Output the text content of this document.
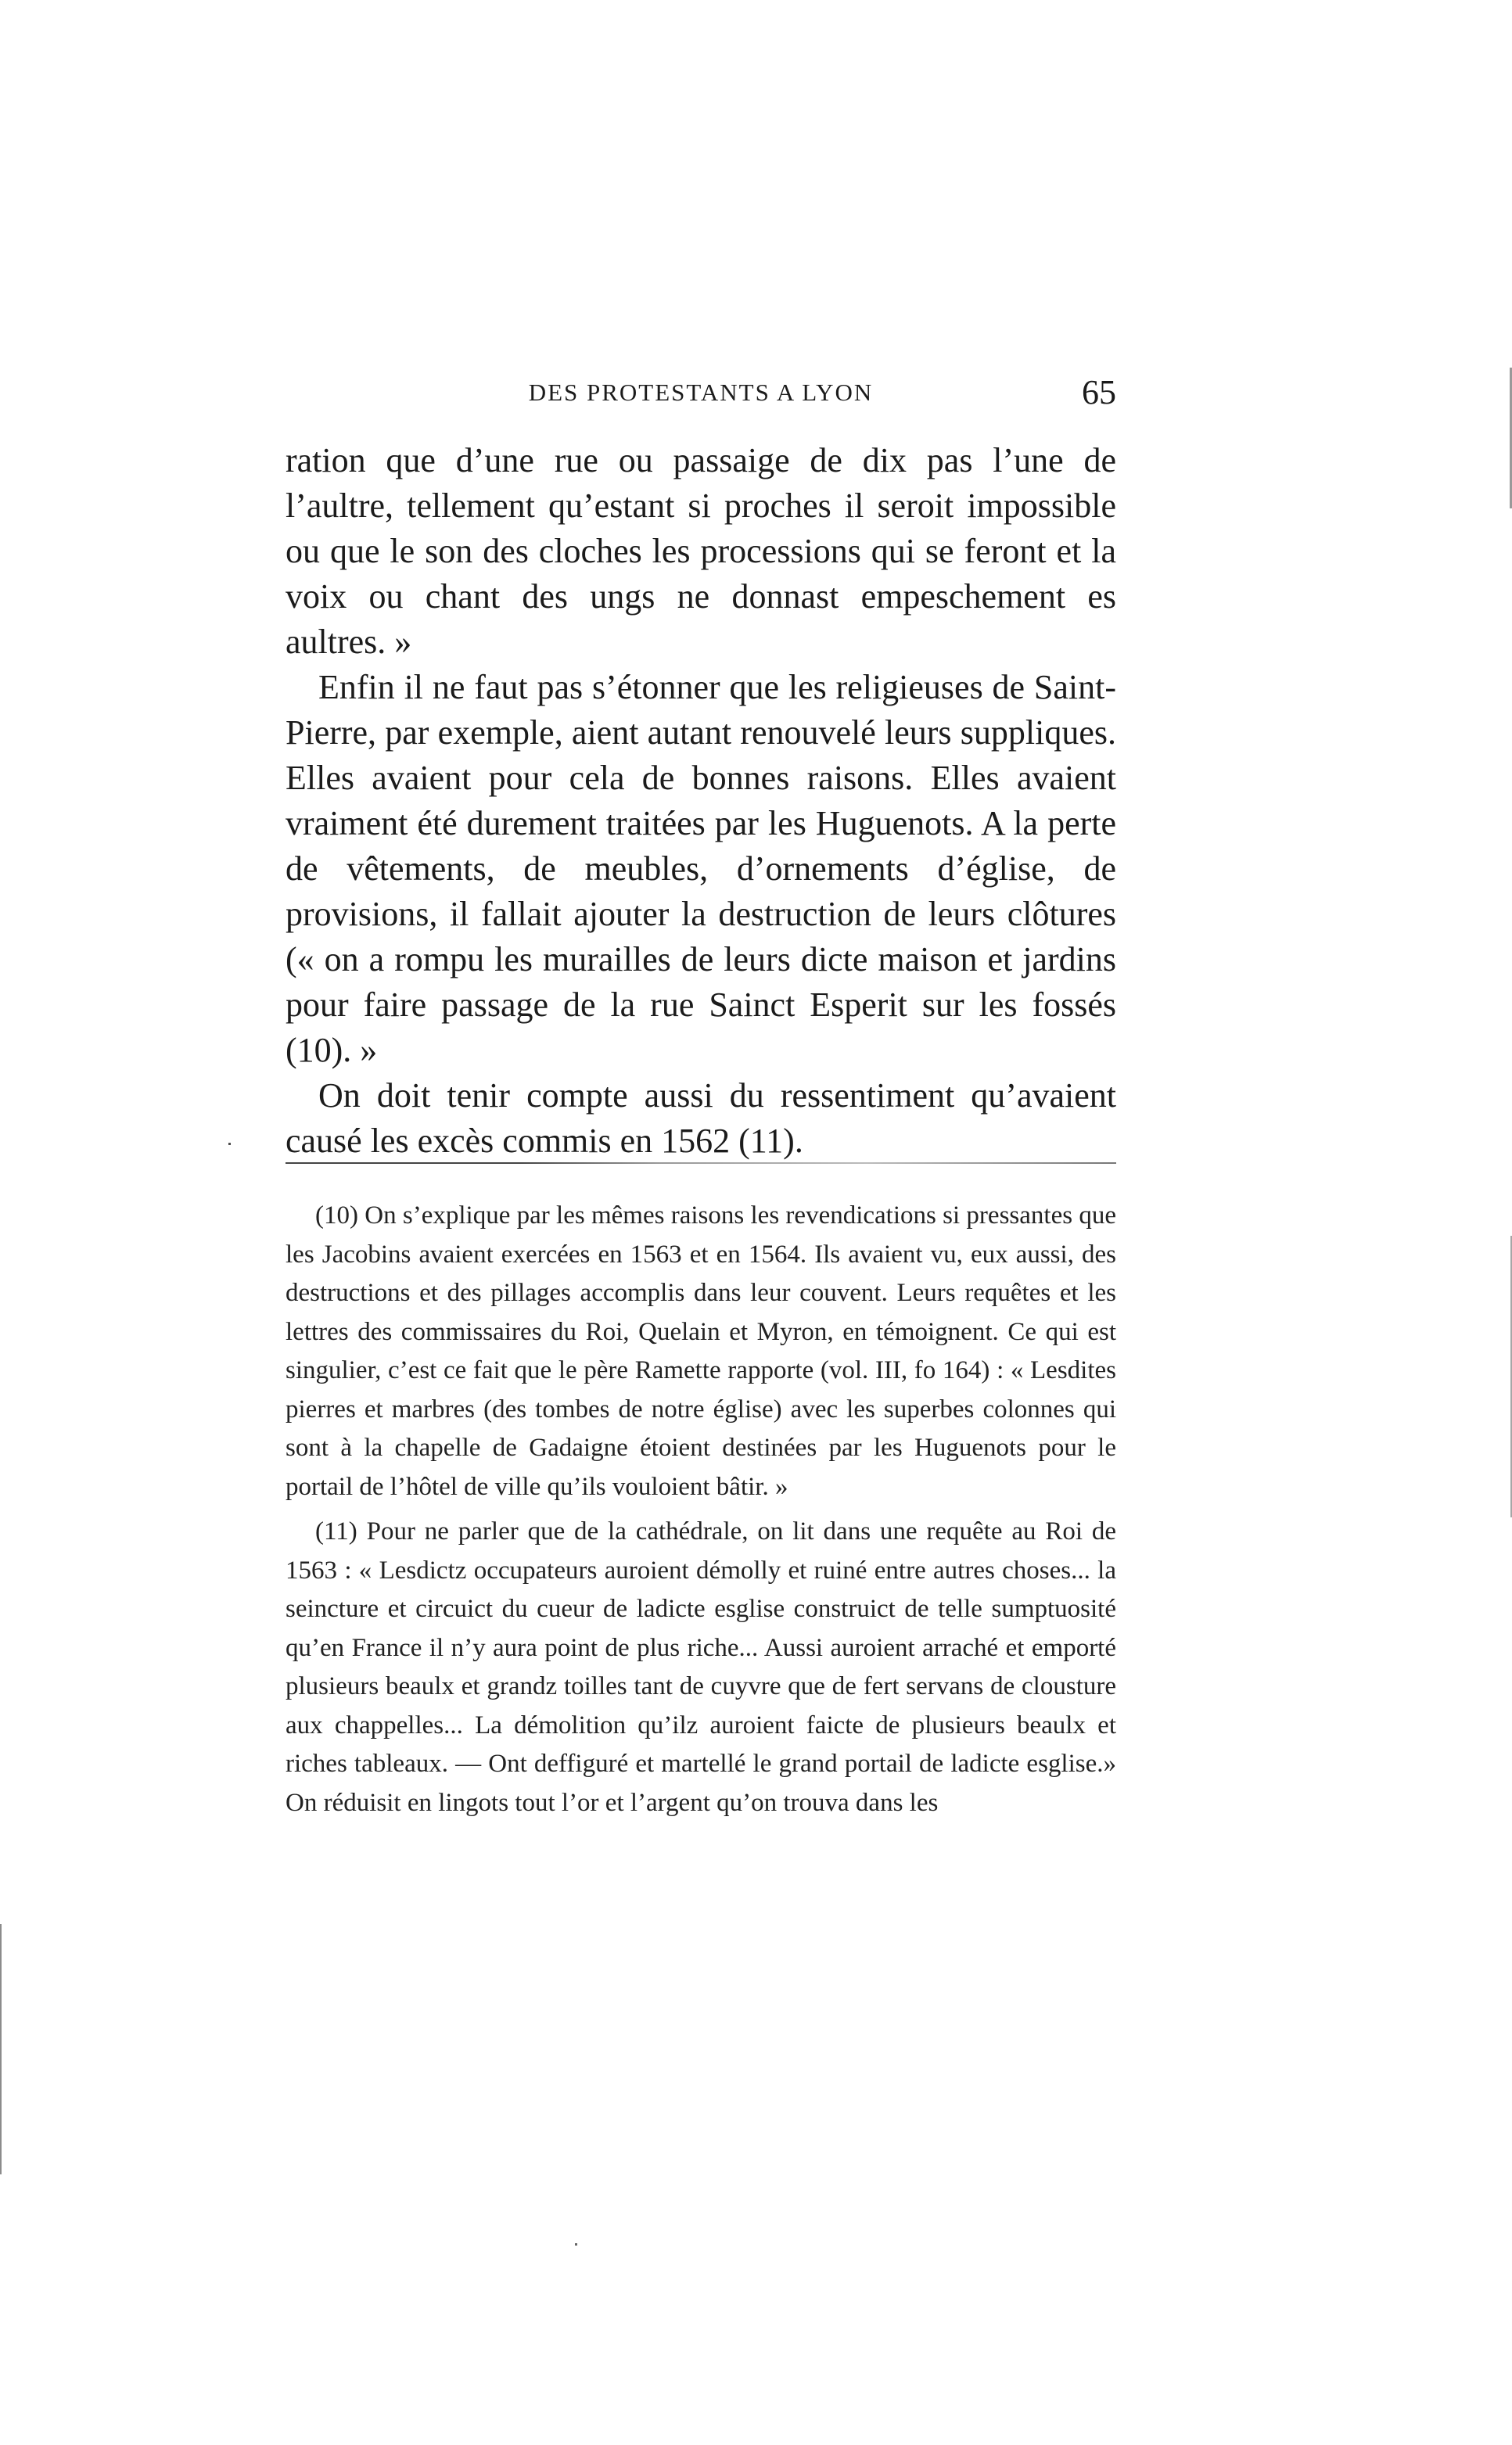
DES PROTESTANTS A LYON	65

ration que d’une rue ou passaige de dix pas l’une de l’aultre, tellement qu’estant si proches il seroit impossible ou que le son des cloches les processions qui se feront et la voix ou chant des ungs ne donnast empeschement es aultres. »

Enfin il ne faut pas s’étonner que les religieuses de Saint-Pierre, par exemple, aient autant renouvelé leurs suppliques. Elles avaient pour cela de bonnes raisons. Elles avaient vraiment été durement traitées par les Huguenots. A la perte de vêtements, de meubles, d’ornements d’église, de provisions, il fallait ajouter la destruction de leurs clôtures (« on a rompu les murailles de leurs dicte maison et jardins pour faire passage de la rue Sainct Esperit sur les fossés (10). »

On doit tenir compte aussi du ressentiment qu’avaient causé les excès commis en 1562 (11).

(10) On s’explique par les mêmes raisons les revendications si pressantes que les Jacobins avaient exercées en 1563 et en 1564. Ils avaient vu, eux aussi, des destructions et des pillages accomplis dans leur couvent. Leurs requêtes et les lettres des commissaires du Roi, Quelain et Myron, en témoignent. Ce qui est singulier, c’est ce fait que le père Ramette rapporte (vol. III, fo 164) : « Lesdites pierres et marbres (des tombes de notre église) avec les superbes colonnes qui sont à la chapelle de Gadaigne étoient destinées par les Huguenots pour le portail de l’hôtel de ville qu’ils vouloient bâtir. »

(11) Pour ne parler que de la cathédrale, on lit dans une requête au Roi de 1563 : « Lesdictz occupateurs auroient démolly et ruiné entre autres choses... la seincture et circuict du cueur de ladicte esglise construict de telle sumptuosité qu’en France il n’y aura point de plus riche... Aussi auroient arraché et emporté plusieurs beaulx et grandz toilles tant de cuyvre que de fert servans de clousture aux chappelles... La démolition qu’ilz auroient faicte de plusieurs beaulx et riches tableaux. — Ont deffiguré et martellé le grand portail de ladicte esglise.» On réduisit en lingots tout l’or et l’argent qu’on trouva dans les
